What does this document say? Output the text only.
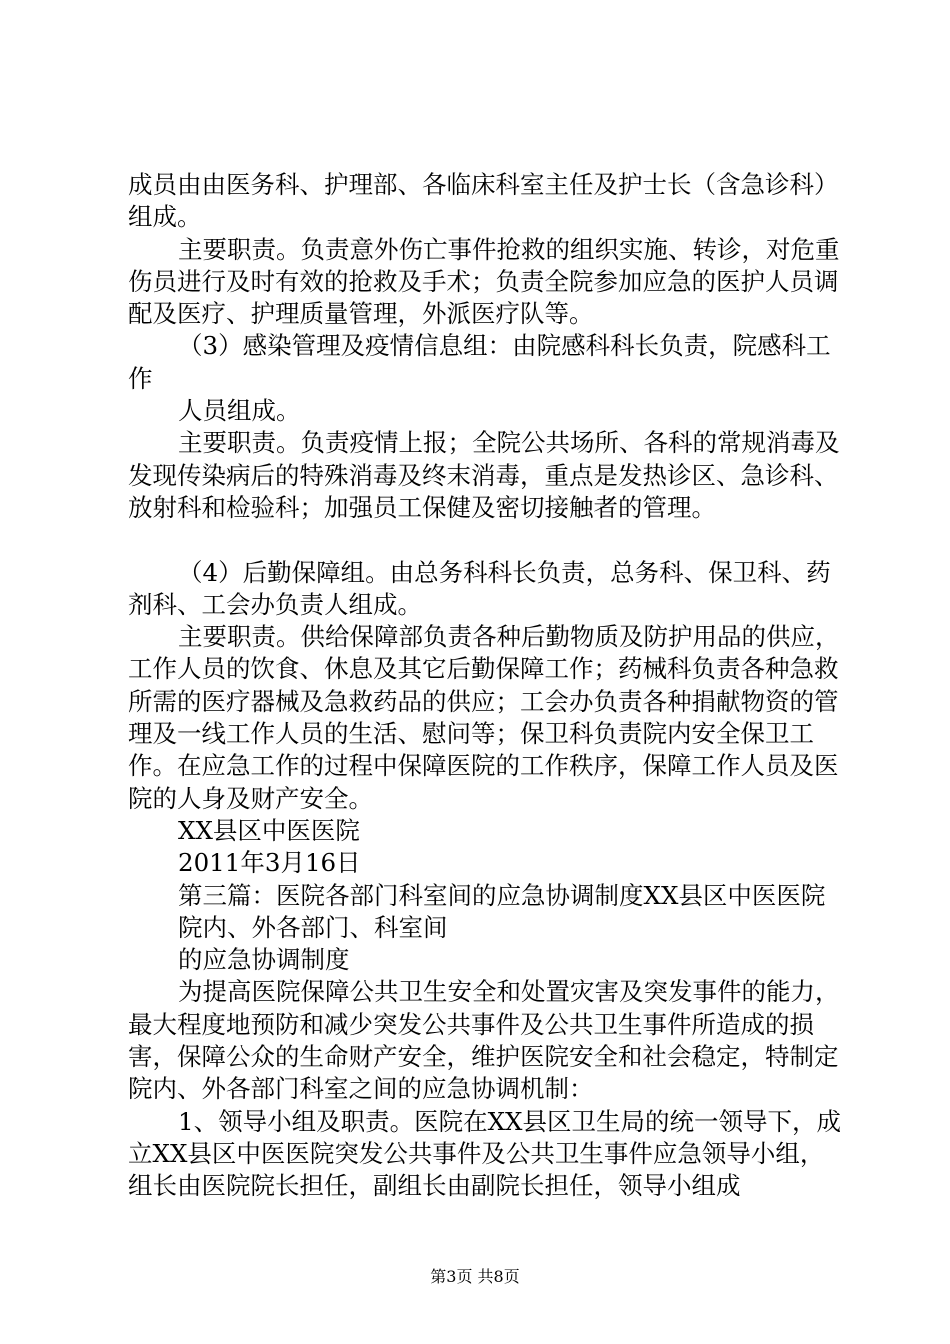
成员由由医务科、护理部、各临床科室主任及护士长（含急诊科）组成。

主要职责。负责意外伤亡事件抢救的组织实施、转诊，对危重伤员进行及时有效的抢救及手术；负责全院参加应急的医护人员调配及医疗、护理质量管理，外派医疗队等。

（3）感染管理及疫情信息组：由院感科科长负责，院感科工作

人员组成。

主要职责。负责疫情上报；全院公共场所、各科的常规消毒及发现传染病后的特殊消毒及终末消毒，重点是发热诊区、急诊科、放射科和检验科；加强员工保健及密切接触者的管理。

（4）后勤保障组。由总务科科长负责，总务科、保卫科、药剂科、工会办负责人组成。

主要职责。供给保障部负责各种后勤物质及防护用品的供应，工作人员的饮食、休息及其它后勤保障工作；药械科负责各种急救所需的医疗器械及急救药品的供应；工会办负责各种捐献物资的管理及一线工作人员的生活、慰问等；保卫科负责院内安全保卫工作。在应急工作的过程中保障医院的工作秩序，保障工作人员及医院的人身及财产安全。

XX县区中医医院

2011年3月16日

第三篇：医院各部门科室间的应急协调制度XX县区中医医院

院内、外各部门、科室间

的应急协调制度

为提高医院保障公共卫生安全和处置灾害及突发事件的能力，最大程度地预防和减少突发公共事件及公共卫生事件所造成的损害，保障公众的生命财产安全，维护医院安全和社会稳定，特制定院内、外各部门科室之间的应急协调机制：

1、领导小组及职责。医院在XX县区卫生局的统一领导下，成立XX县区中医医院突发公共事件及公共卫生事件应急领导小组，组长由医院院长担任，副组长由副院长担任，领导小组成

第3页 共8页
